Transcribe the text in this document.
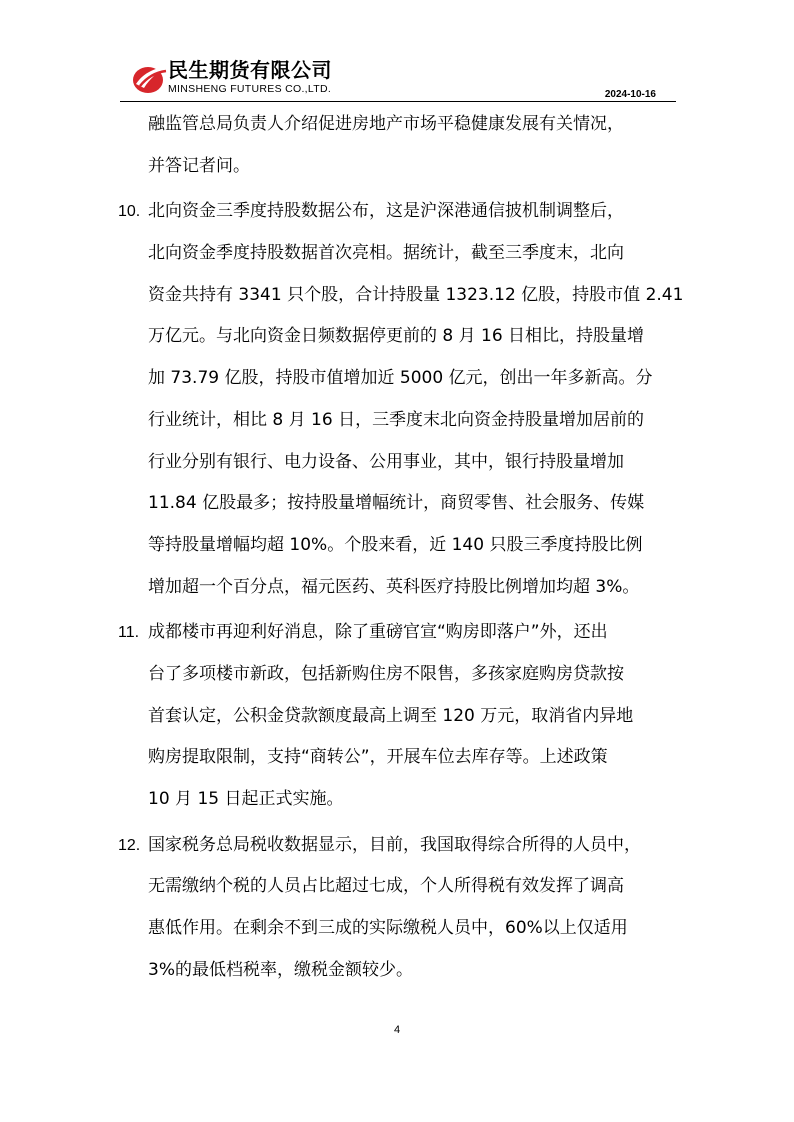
民生期货有限公司
MINSHENG FUTURES CO.,LTD.	2024-10-16
融监管总局负责人介绍促进房地产市场平稳健康发展有关情况，
并答记者问。
10. 北向资金三季度持股数据公布，这是沪深港通信披机制调整后，
北向资金季度持股数据首次亮相。据统计，截至三季度末，北向
资金共持有 3341 只个股，合计持股量 1323.12 亿股，持股市值 2.41
万亿元。与北向资金日频数据停更前的 8 月 16 日相比，持股量增
加 73.79 亿股，持股市值增加近 5000 亿元，创出一年多新高。分
行业统计，相比 8 月 16 日，三季度末北向资金持股量增加居前的
行业分别有银行、电力设备、公用事业，其中，银行持股量增加
11.84 亿股最多；按持股量增幅统计，商贸零售、社会服务、传媒
等持股量增幅均超 10%。个股来看，近 140 只股三季度持股比例
增加超一个百分点，福元医药、英科医疗持股比例增加均超 3%。
11. 成都楼市再迎利好消息，除了重磅官宣“购房即落户”外，还出
台了多项楼市新政，包括新购住房不限售，多孩家庭购房贷款按
首套认定，公积金贷款额度最高上调至 120 万元，取消省内异地
购房提取限制，支持“商转公”，开展车位去库存等。上述政策
10 月 15 日起正式实施。
12. 国家税务总局税收数据显示，目前，我国取得综合所得的人员中，
无需缴纳个税的人员占比超过七成，个人所得税有效发挥了调高
惠低作用。在剩余不到三成的实际缴税人员中，60%以上仅适用
3%的最低档税率，缴税金额较少。
4
